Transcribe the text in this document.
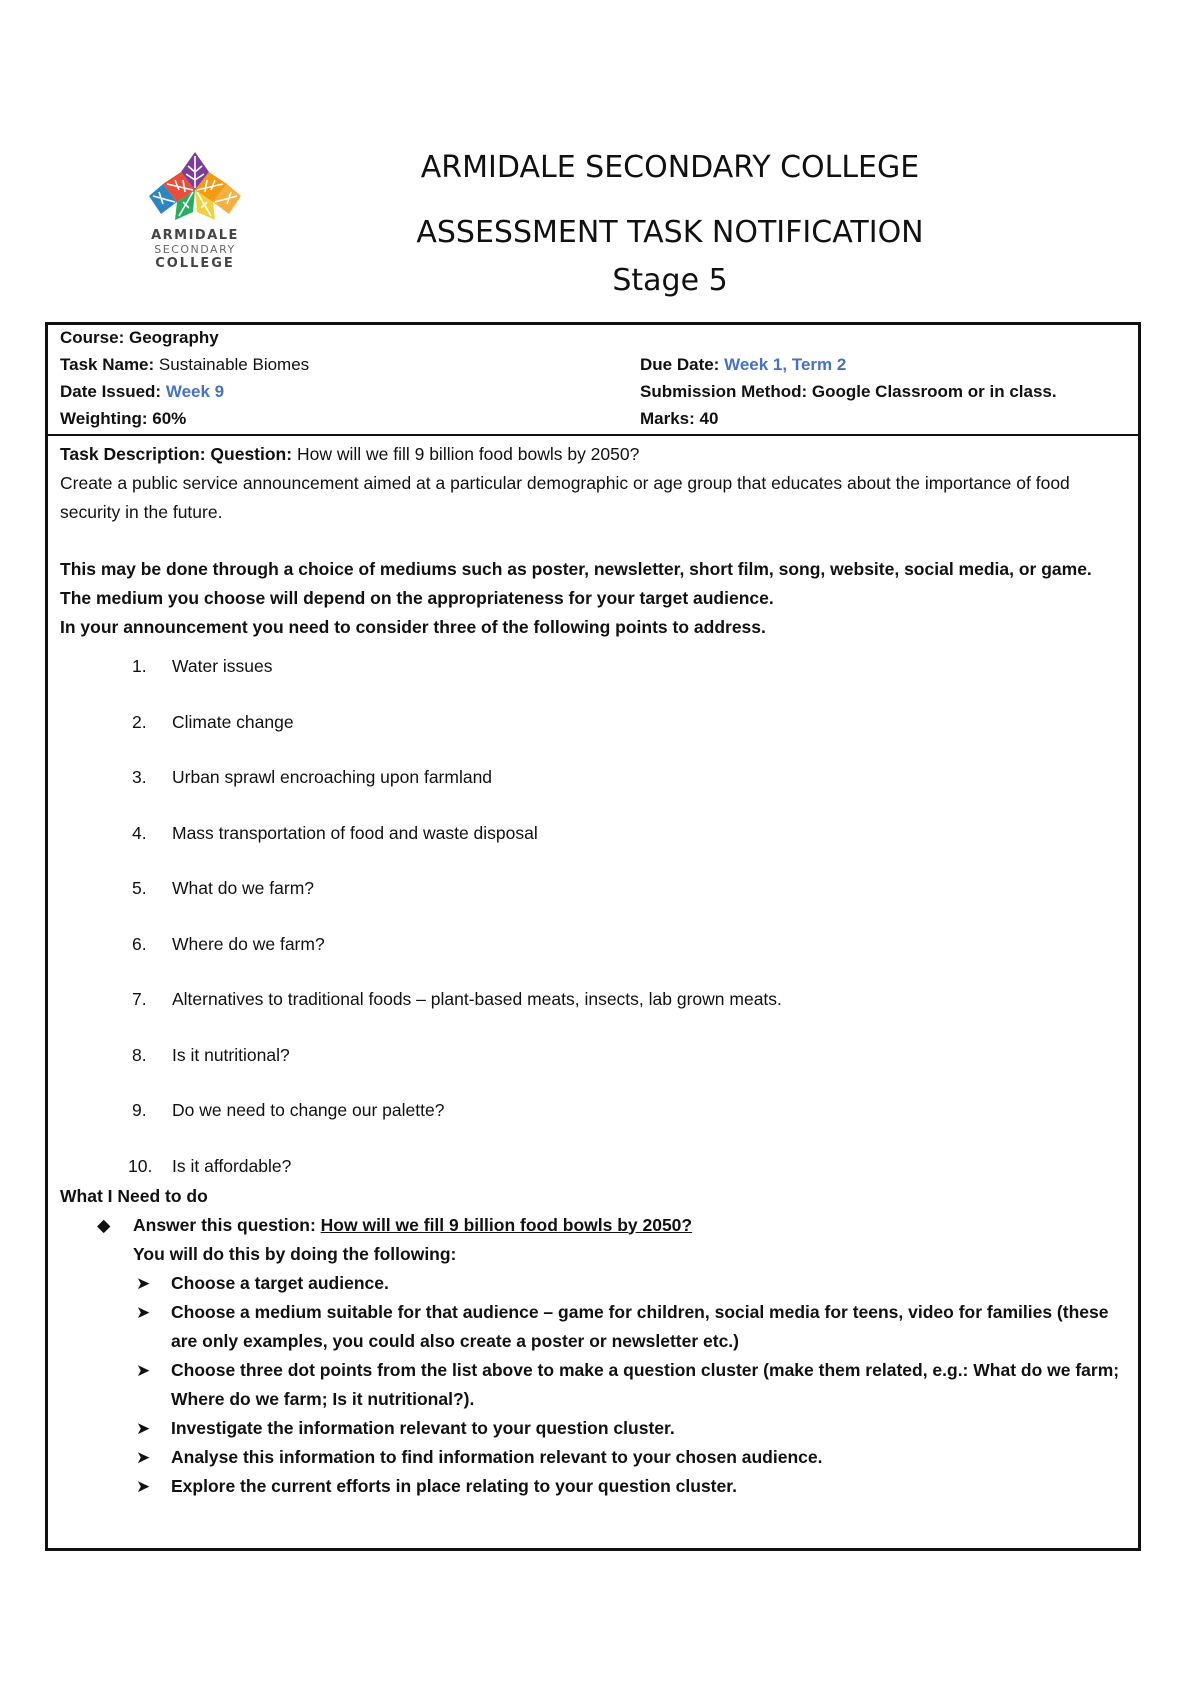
ARMIDALE
SECONDARY
COLLEGE
ARMIDALE SECONDARY COLLEGE
ASSESSMENT TASK NOTIFICATION
Stage 5
Course: Geography
Task Name: Sustainable Biomes	Due Date: Week 1, Term 2
Date Issued: Week 9	Submission Method: Google Classroom or in class.
Weighting: 60%	Marks: 40

Task Description: Question: How will we fill 9 billion food bowls by 2050?

Create a public service announcement aimed at a particular demographic or age group that educates about the importance of food security in the future.

This may be done through a choice of mediums such as poster, newsletter, short film, song, website, social media, or game. The medium you choose will depend on the appropriateness for your target audience.

In your announcement you need to consider three of the following points to address.

1. Water issues
2. Climate change
3. Urban sprawl encroaching upon farmland
4. Mass transportation of food and waste disposal
5. What do we farm?
6. Where do we farm?
7. Alternatives to traditional foods – plant-based meats, insects, lab grown meats.
8. Is it nutritional?
9. Do we need to change our palette?
10. Is it affordable?

What I Need to do

◆ Answer this question: How will we fill 9 billion food bowls by 2050?

You will do this by doing the following:

➤ Choose a target audience.
➤ Choose a medium suitable for that audience – game for children, social media for teens, video for families (these are only examples, you could also create a poster or newsletter etc.)
➤ Choose three dot points from the list above to make a question cluster (make them related, e.g.: What do we farm; Where do we farm; Is it nutritional?).
➤ Investigate the information relevant to your question cluster.
➤ Analyse this information to find information relevant to your chosen audience.
➤ Explore the current efforts in place relating to your question cluster.
